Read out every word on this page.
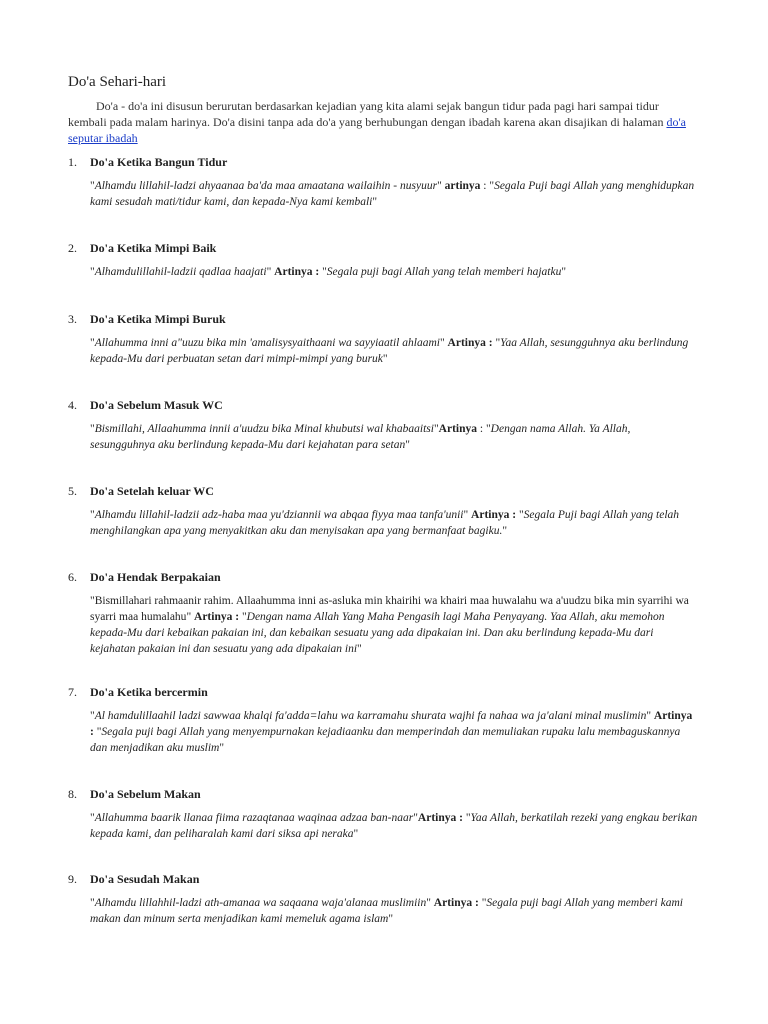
Do'a Sehari-hari

Do'a - do'a ini disusun berurutan berdasarkan kejadian yang kita alami sejak bangun tidur pada pagi hari sampai tidur kembali pada malam harinya. Do'a disini tanpa ada do'a yang berhubungan dengan ibadah karena akan disajikan di halaman do'a seputar ibadah

1. Do'a Ketika Bangun Tidur
"Alhamdu lillahil-ladzi ahyaanaa ba'da maa amaatana wailaihin - nusyuur" artinya : "Segala Puji bagi Allah yang menghidupkan kami sesudah mati/tidur kami, dan kepada-Nya kami kembali"
2. Do'a Ketika Mimpi Baik
"Alhamdulillahil-ladzii qadlaa haajati" Artinya : "Segala puji bagi Allah yang telah memberi hajatku"
3. Do'a Ketika Mimpi Buruk
"Allahumma inni a"uuzu bika min 'amalisysyaithaani wa sayyiaatil ahlaami" Artinya : "Yaa Allah, sesungguhnya aku berlindung kepada-Mu dari perbuatan setan dari mimpi-mimpi yang buruk"
4. Do'a Sebelum Masuk WC
"Bismillahi, Allaahumma innii a'uudzu bika Minal khubutsi wal khabaaitsi"Artinya : "Dengan nama Allah. Ya Allah, sesungguhnya aku berlindung kepada-Mu dari kejahatan para setan"
5. Do'a Setelah keluar WC
"Alhamdu lillahil-ladzii adz-haba maa yu'dziannii wa abqaa fiyya maa tanfa'unii" Artinya : "Segala Puji bagi Allah yang telah menghilangkan apa yang menyakitkan aku dan menyisakan apa yang bermanfaat bagiku."
6. Do'a Hendak Berpakaian
"Bismillahari rahmaanir rahim. Allaahumma inni as-asluka min khairihi wa khairi maa huwalahu wa a'uudzu bika min syarrihi wa syarri maa humalahu" Artinya : "Dengan nama Allah Yang Maha Pengasih lagi Maha Penyayang. Yaa Allah, aku memohon kepada-Mu dari kebaikan pakaian ini, dan kebaikan sesuatu yang ada dipakaian ini. Dan aku berlindung kepada-Mu dari kejahatan pakaian ini dan sesuatu yang ada dipakaian ini"
7. Do'a Ketika bercermin
"Al hamdulillaahil ladzi sawwaa khalqi fa'adda=lahu wa karramahu shurata wajhi fa nahaa wa ja'alani minal muslimin" Artinya : "Segala puji bagi Allah yang menyempurnakan kejadiaanku dan memperindah dan memuliakan rupaku lalu membaguskannya dan menjadikan aku muslim"
8. Do'a Sebelum Makan
"Allahumma baarik llanaa fiima razaqtanaa waqinaa adzaa ban-naar"Artinya : "Yaa Allah, berkatilah rezeki yang engkau berikan kepada kami, dan peliharalah kami dari siksa api neraka"
9. Do'a Sesudah Makan
"Alhamdu lillahhil-ladzi ath-amanaa wa saqaana waja'alanaa muslimiin" Artinya : "Segala puji bagi Allah yang memberi kami makan dan minum serta menjadikan kami memeluk agama islam"
